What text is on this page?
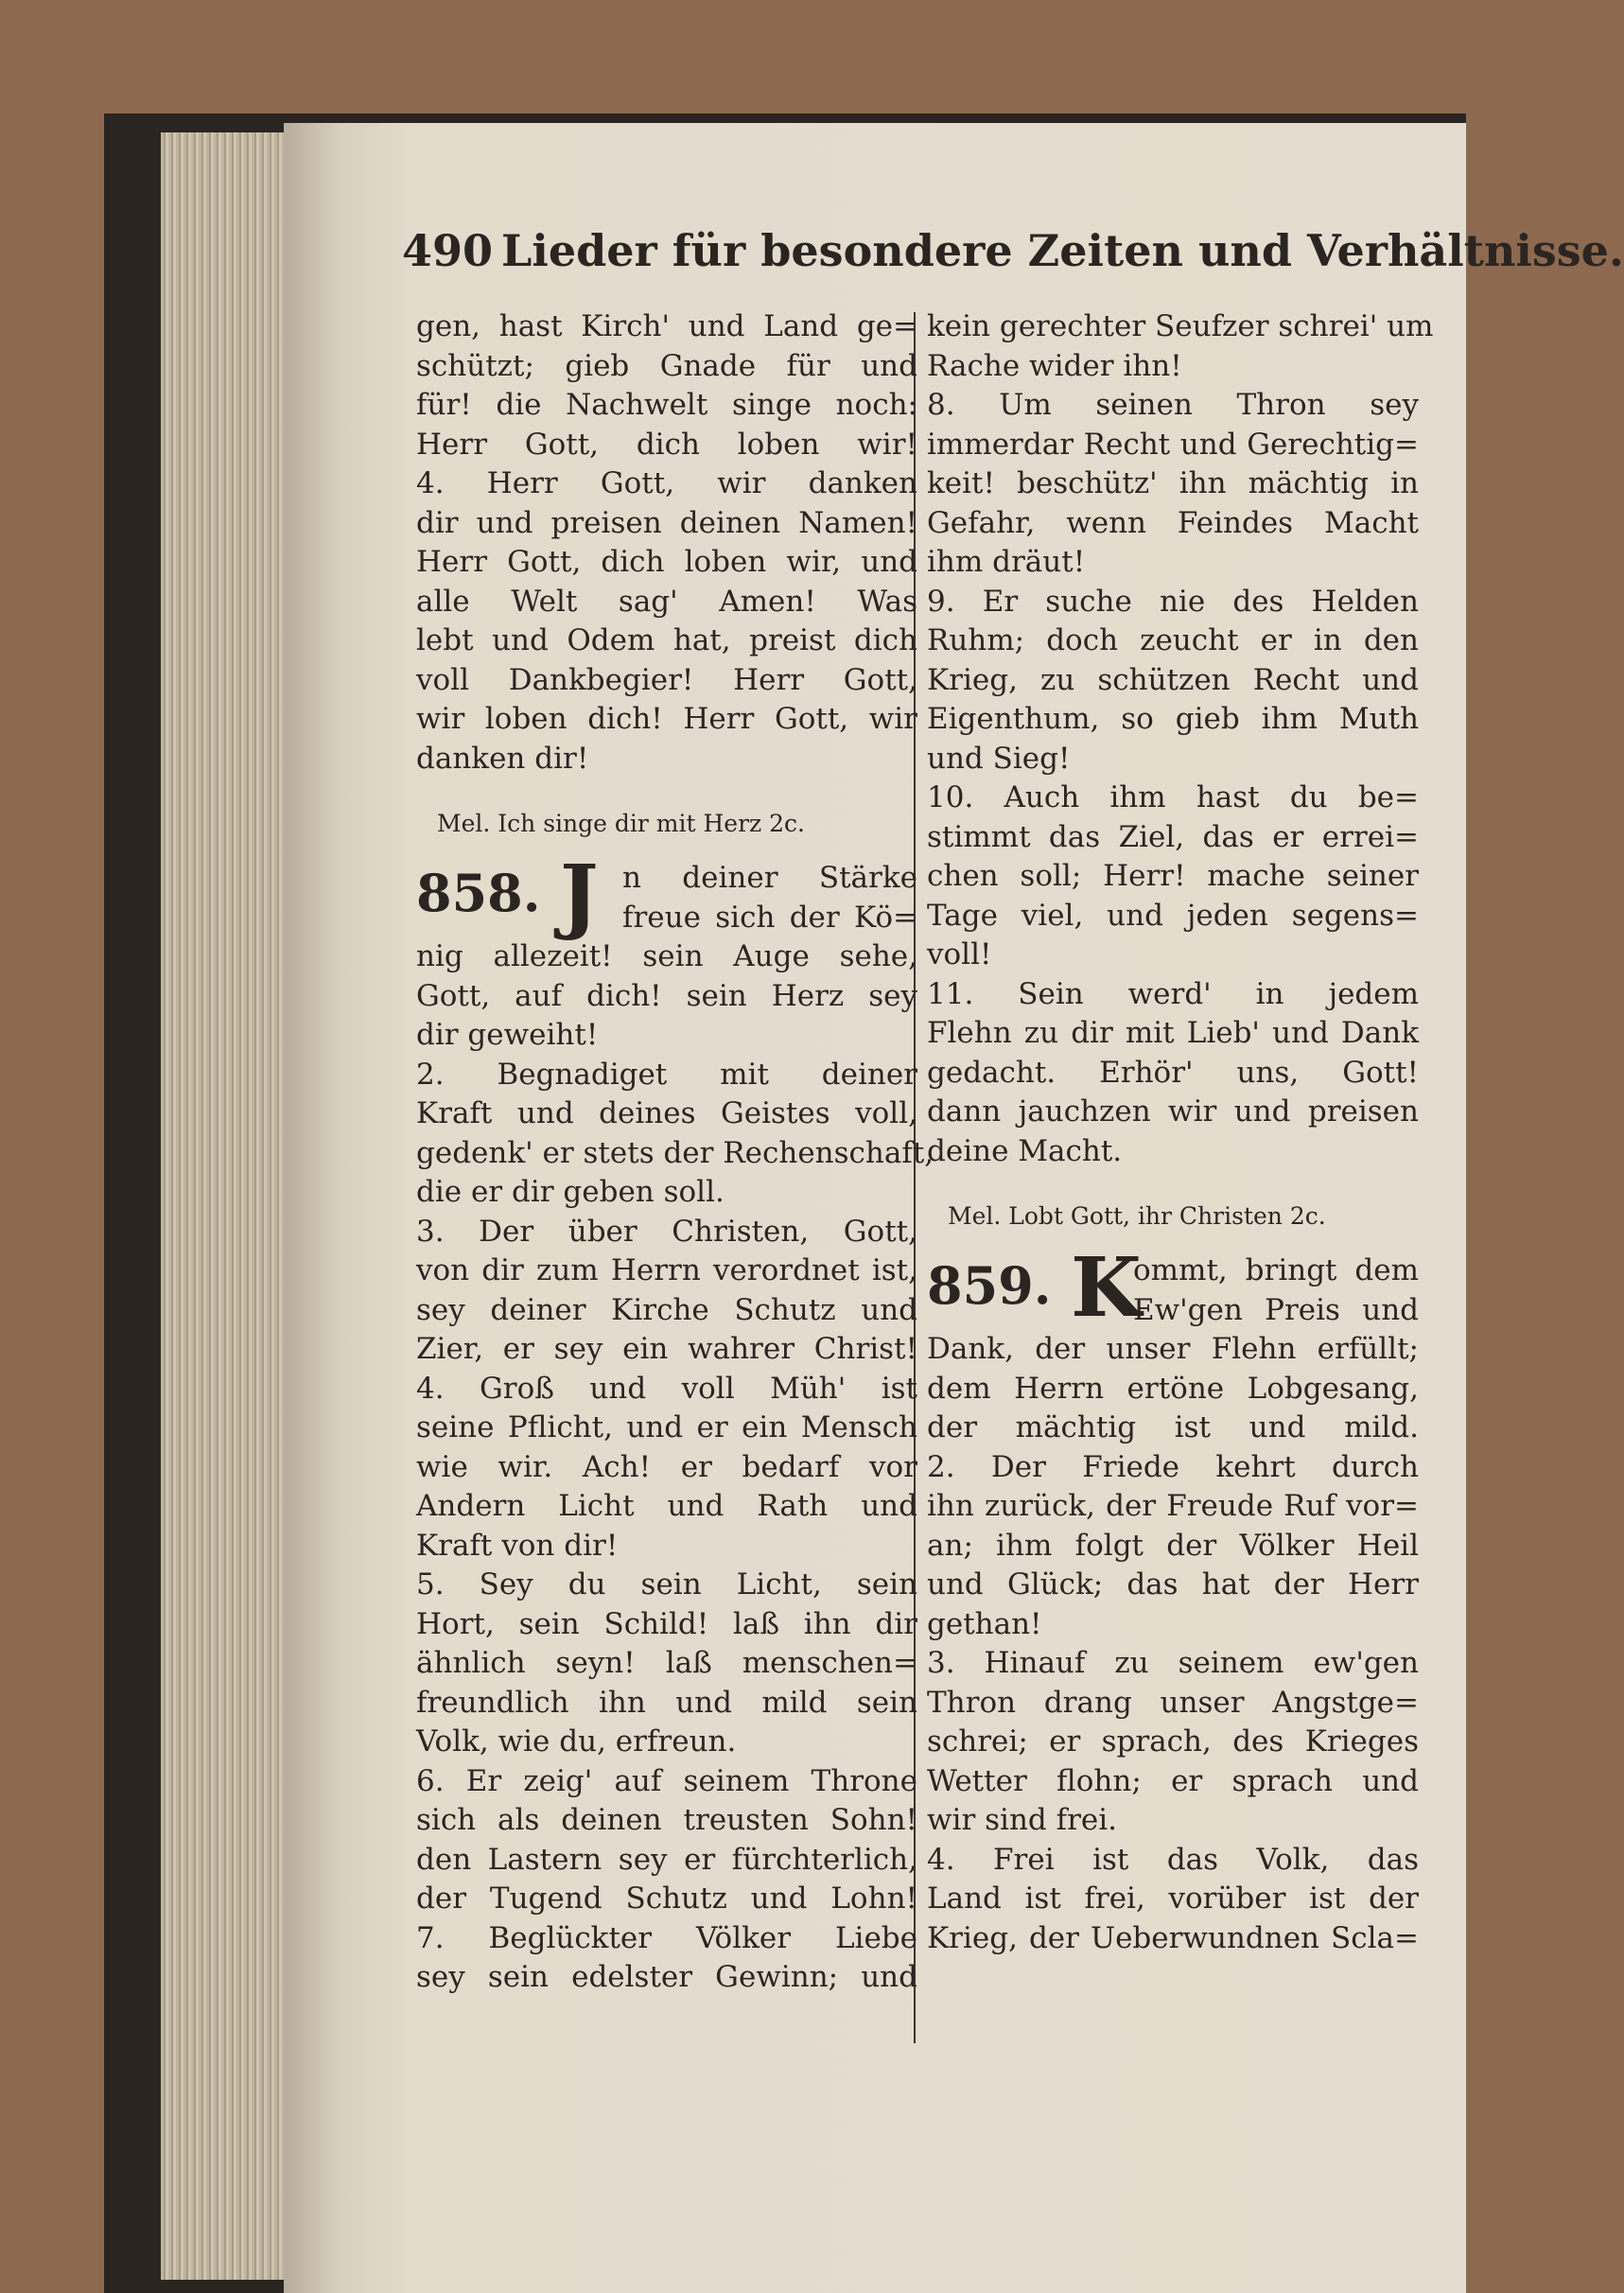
490 Lieder für besondere Zeiten und Verhältnisse.
gen, hast Kirch' und Land ge=
schützt; gieb Gnade für und
für! die Nachwelt singe noch:
Herr Gott, dich loben wir!
4. Herr Gott, wir danken
dir und preisen deinen Namen!
Herr Gott, dich loben wir, und
alle Welt sag' Amen! Was
lebt und Odem hat, preist dich
voll Dankbegier! Herr Gott,
wir loben dich! Herr Gott, wir
danken dir!
Mel. Ich singe dir mit Herz 2c.
858. J n deiner Stärke
freue sich der Kö=
nig allezeit! sein Auge sehe,
Gott, auf dich! sein Herz sey
dir geweiht!
2. Begnadiget mit deiner
Kraft und deines Geistes voll,
gedenk' er stets der Rechenschaft,
die er dir geben soll.
3. Der über Christen, Gott,
von dir zum Herrn verordnet ist,
sey deiner Kirche Schutz und
Zier, er sey ein wahrer Christ!
4. Groß und voll Müh' ist
seine Pflicht, und er ein Mensch
wie wir. Ach! er bedarf vor
Andern Licht und Rath und
Kraft von dir!
5. Sey du sein Licht, sein
Hort, sein Schild! laß ihn dir
ähnlich seyn! laß menschen=
freundlich ihn und mild sein
Volk, wie du, erfreun.
6. Er zeig' auf seinem Throne
sich als deinen treusten Sohn!
den Lastern sey er fürchterlich,
der Tugend Schutz und Lohn!
7. Beglückter Völker Liebe
sey sein edelster Gewinn; und
kein gerechter Seufzer schrei' um
Rache wider ihn!
8. Um seinen Thron sey
immerdar Recht und Gerechtig=
keit! beschütz' ihn mächtig in
Gefahr, wenn Feindes Macht
ihm dräut!
9. Er suche nie des Helden
Ruhm; doch zeucht er in den
Krieg, zu schützen Recht und
Eigenthum, so gieb ihm Muth
und Sieg!
10. Auch ihm hast du be=
stimmt das Ziel, das er errei=
chen soll; Herr! mache seiner
Tage viel, und jeden segens=
voll!
11. Sein werd' in jedem
Flehn zu dir mit Lieb' und Dank
gedacht. Erhör' uns, Gott!
dann jauchzen wir und preisen
deine Macht.
Mel. Lobt Gott, ihr Christen 2c.
859. K
ommt, bringt dem
Ew'gen Preis und
Dank, der unser Flehn erfüllt;
dem Herrn ertöne Lobgesang,
der mächtig ist und mild.
2. Der Friede kehrt durch
ihn zurück, der Freude Ruf vor=
an; ihm folgt der Völker Heil
und Glück; das hat der Herr
gethan!
3. Hinauf zu seinem ew'gen
Thron drang unser Angstge=
schrei; er sprach, des Krieges
Wetter flohn; er sprach und
wir sind frei.
4. Frei ist das Volk, das
Land ist frei, vorüber ist der
Krieg, der Ueberwundnen Scla=
